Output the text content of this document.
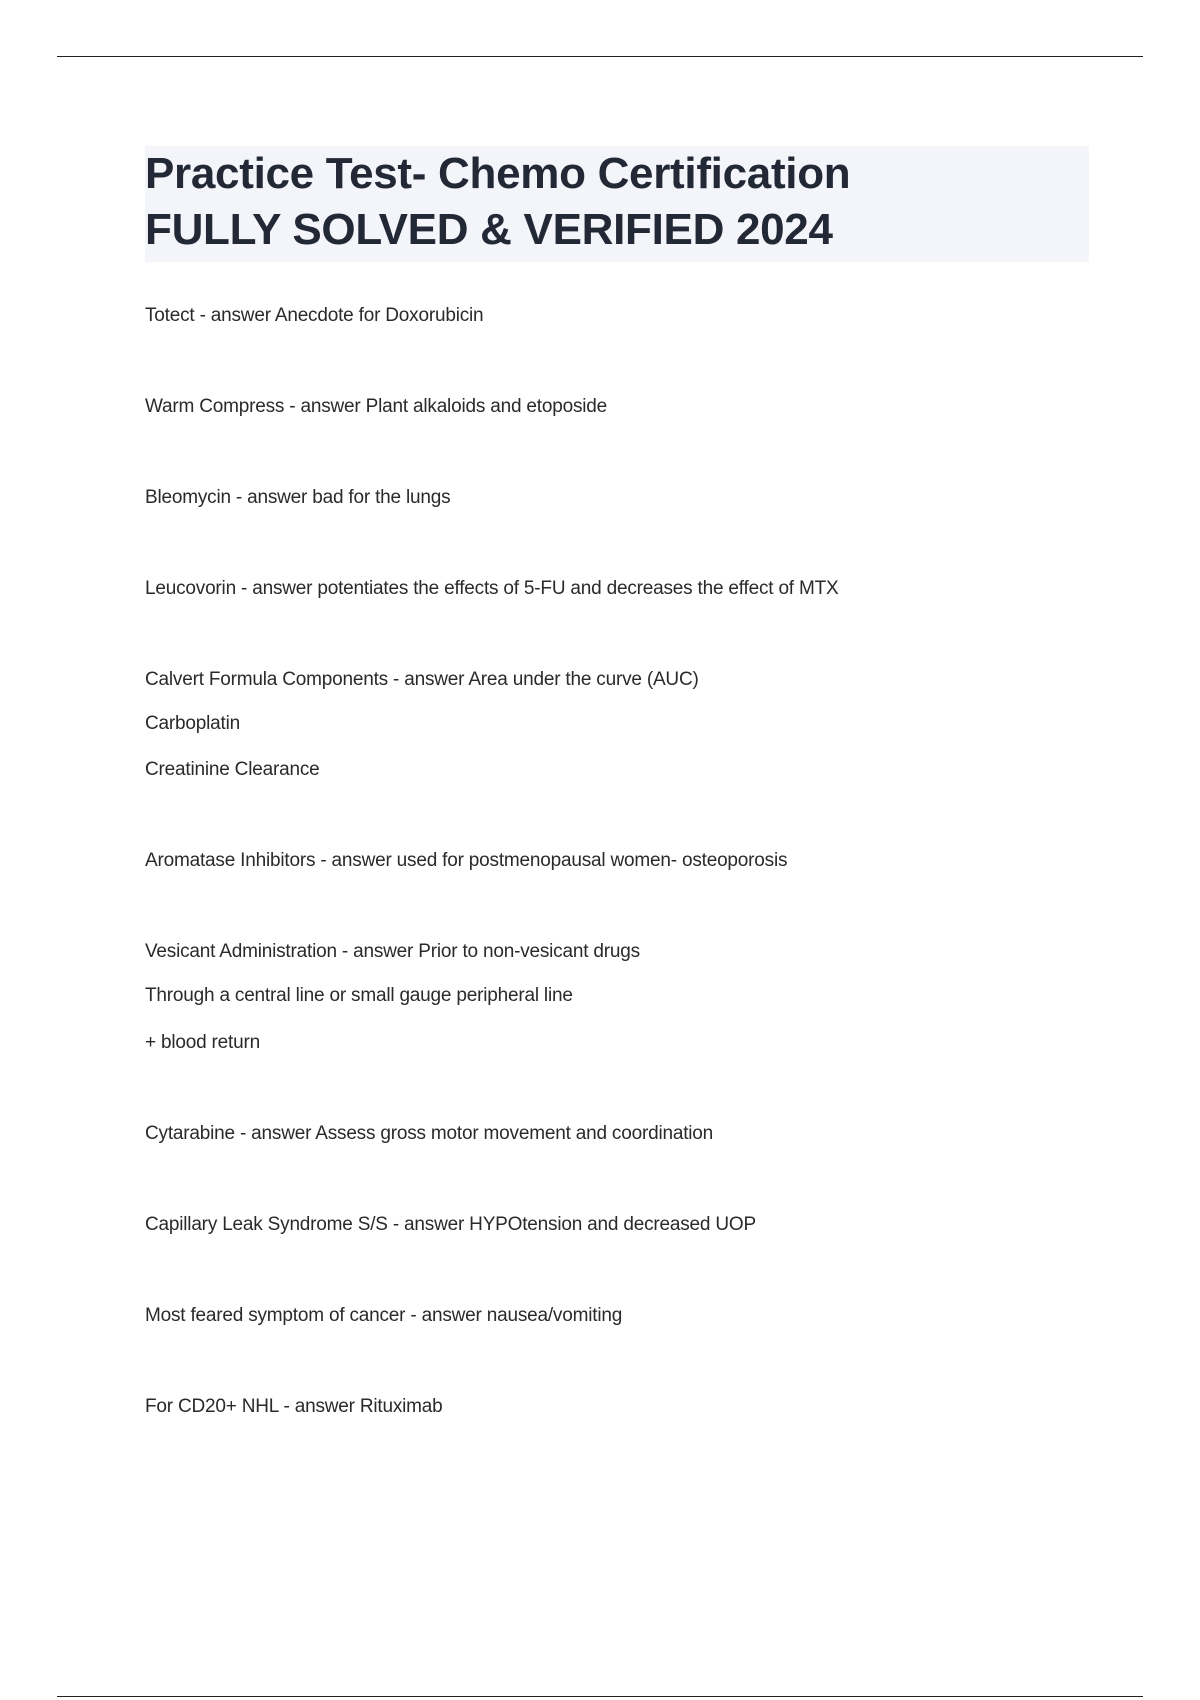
Practice Test- Chemo Certification

FULLY SOLVED & VERIFIED 2024

Totect - answer Anecdote for Doxorubicin

Warm Compress - answer Plant alkaloids and etoposide

Bleomycin - answer bad for the lungs

Leucovorin - answer potentiates the effects of 5-FU and decreases the effect of MTX

Calvert Formula Components - answer Area under the curve (AUC)

Carboplatin

Creatinine Clearance

Aromatase Inhibitors - answer used for postmenopausal women- osteoporosis

Vesicant Administration - answer Prior to non-vesicant drugs

Through a central line or small gauge peripheral line

+ blood return

Cytarabine - answer Assess gross motor movement and coordination

Capillary Leak Syndrome S/S - answer HYPOtension and decreased UOP

Most feared symptom of cancer - answer nausea/vomiting

For CD20+ NHL - answer Rituximab
